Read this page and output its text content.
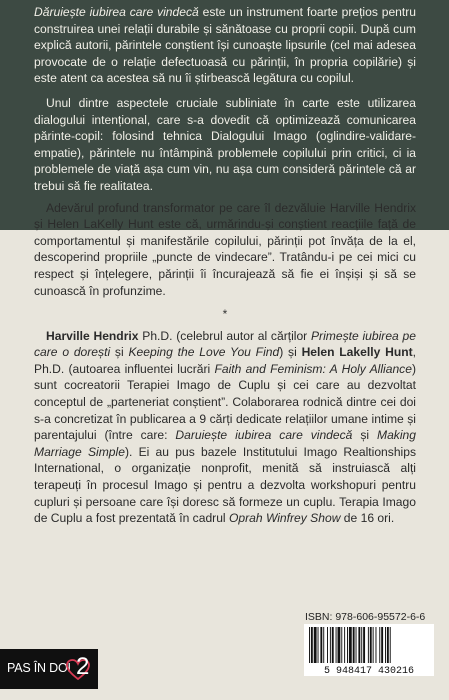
Dăruiește iubirea care vindecă este un instrument foarte prețios pentru construirea unei relații durabile și sănătoase cu proprii copii. După cum explică autorii, părintele conștient își cunoaște lipsurile (cel mai adesea provocate de o relație defectuoasă cu părinții, în propria copilărie) și este atent ca acestea să nu îi știrbească legătura cu copilul.

Unul dintre aspectele cruciale subliniate în carte este utilizarea dialogului intențional, care s-a dovedit că optimizează comunicarea părinte-copil: folosind tehnica Dialogului Imago (oglindire-validare-empatie), părintele nu întâmpină problemele copilului prin critici, ci ia problemele de viață așa cum vin, nu așa cum consideră părintele că ar trebui să fie realitatea.

Adevărul profund transformator pe care îl dezvăluie Harville Hendrix și Helen LaKelly Hunt este că, urmărindu-și conștient reacțiile față de comportamentul și manifestările copilului, părinții pot învăța de la el, descoperind propriile „puncte de vindecare”. Tratându-i pe cei mici cu respect și înțelegere, părinții îi încurajează să fie ei înșiși și să se cunoască în profunzime.

*

Harville Hendrix Ph.D. (celebrul autor al cărților Primește iubirea pe care o dorești și Keeping the Love You Find) și Helen Lakelly Hunt, Ph.D. (autoarea influentei lucrări Faith and Feminism: A Holy Alliance) sunt cocreatorii Terapiei Imago de Cuplu și cei care au dezvoltat conceptul de „parteneriat conștient”. Colaborarea rodnică dintre cei doi s-a concretizat în publicarea a 9 cărți dedicate relațiilor umane intime și parentajului (între care: Daruiește iubirea care vindecă și Making Marriage Simple). Ei au pus bazele Institutului Imago Realtionships International, o organizație nonprofit, menită să instruiască alți terapeuți în procesul Imago și pentru a dezvolta workshopuri pentru cupluri și persoane care își doresc să formeze un cuplu. Terapia Imago de Cuplu a fost prezentată în cadrul Oprah Winfrey Show de 16 ori.

ISBN: 978-606-95572-6-6
5 948417 430216
PAS ÎN DOI 2
